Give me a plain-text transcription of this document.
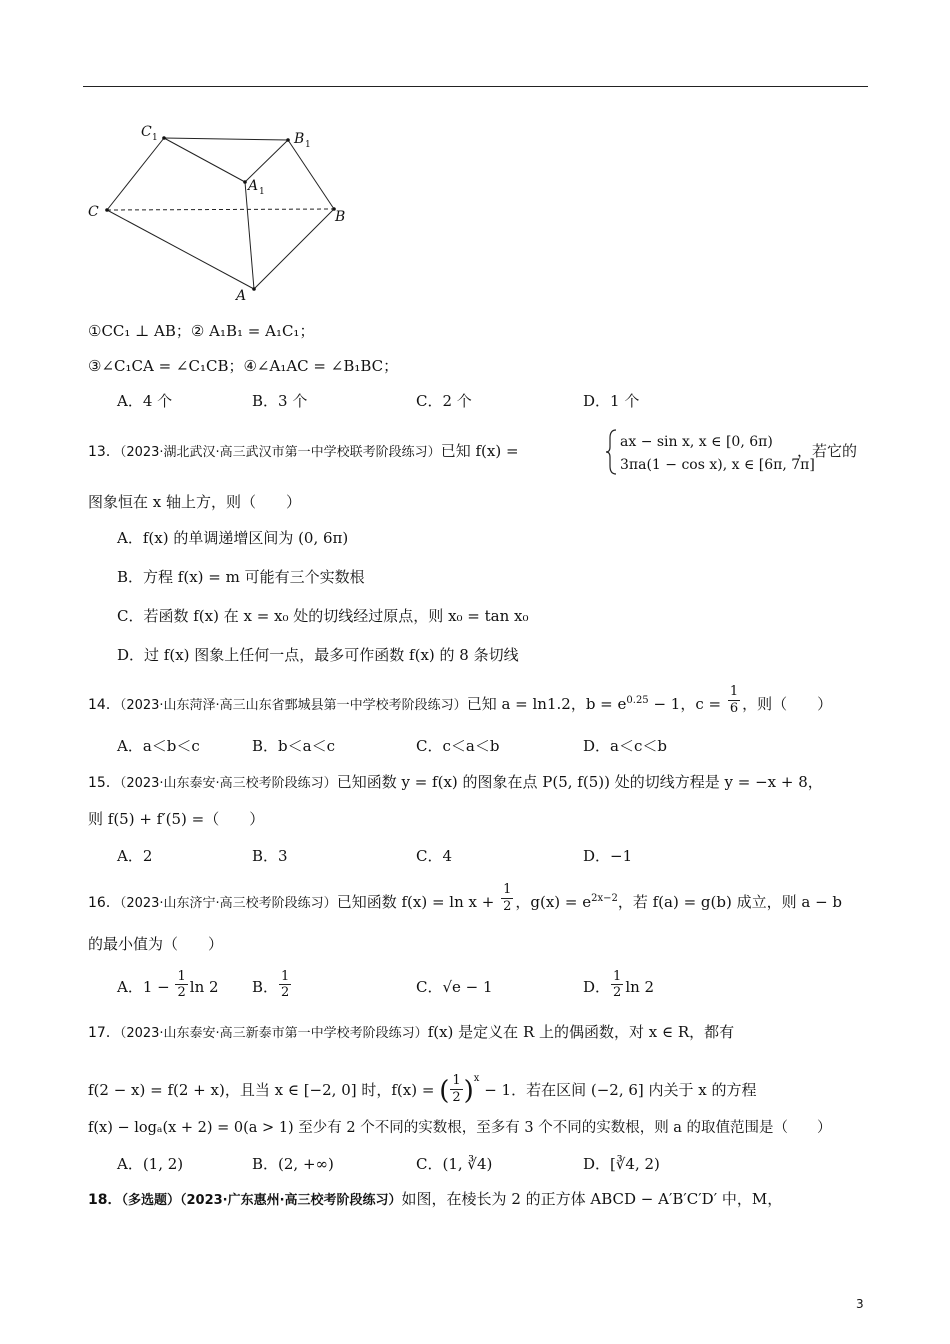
C 1	B 1
A 1
C	B
A
①CC₁ ⊥ AB；② A₁B₁ = A₁C₁；
③∠C₁CA = ∠C₁CB；④∠A₁AC = ∠B₁BC；
A．4 个	B．3 个	C．2 个	D．1 个
13．（2023·湖北武汉·高三武汉市第一中学校联考阶段练习）已知 f(x) =	ax − sin x, x ∈ [0, 6π)
3πa(1 − cos x), x ∈ [6π, 7π]
，若它的
图象恒在 x 轴上方，则（　　）
A．f(x) 的单调递增区间为 (0, 6π)
B．方程 f(x) = m 可能有三个实数根
C．若函数 f(x) 在 x = x₀ 处的切线经过原点，则 x₀ = tan x₀
D．过 f(x) 图象上任何一点，最多可作函数 f(x) 的 8 条切线
14．（2023·山东菏泽·高三山东省鄄城县第一中学校考阶段练习）已知 a = ln1.2，$b = e^{0.25} - 1$，$c = \frac{1}{6}$ ，则（　　）
A．a＜b＜c	B．b＜a＜c	C．c＜a＜b	D．a＜c＜b
15．（2023·山东泰安·高三校考阶段练习）已知函数 y = f(x) 的图象在点 P(5, f(5)) 处的切线方程是 y = −x + 8，
则 f(5) + f′(5) =（　　）
A．2	B．3	C．4	D．−1
16．（2023·山东济宁·高三校考阶段练习）已知函数 $f(x) = \ln x + \frac{1}{2}$ ，$g(x) = e^{2x-2}$，若 f(a) = g(b) 成立，则 a − b
的最小值为（　　）
A．$1 - \frac{1}{2}$ ln 2 B． $\frac{1}{2}$	C．√e − 1	D． $\frac{1}{2}$ ln 2
17．（2023·山东泰安·高三新泰市第一中学校考阶段练习）f(x) 是定义在 R 上的偶函数，对 x ∈ R，都有
f(2 − x) = f(2 + x)，且当 x ∈ [−2, 0] 时，f(x) = ( $\frac{1}{2} )^x - 1$．若在区间 (−2, 6] 内关于 x 的方程
f(x) − logₐ(x + 2) = 0(a > 1) 至少有 2 个不同的实数根，至多有 3 个不同的实数根，则 a 的取值范围是（　　）
A．(1, 2)	B．(2, +∞)	C．(1, ∛4)	D．[∛4, 2)
18．（多选题）（2023·广东惠州·高三校考阶段练习）如图，在棱长为 2 的正方体 ABCD − A′B′C′D′ 中，M，
3
